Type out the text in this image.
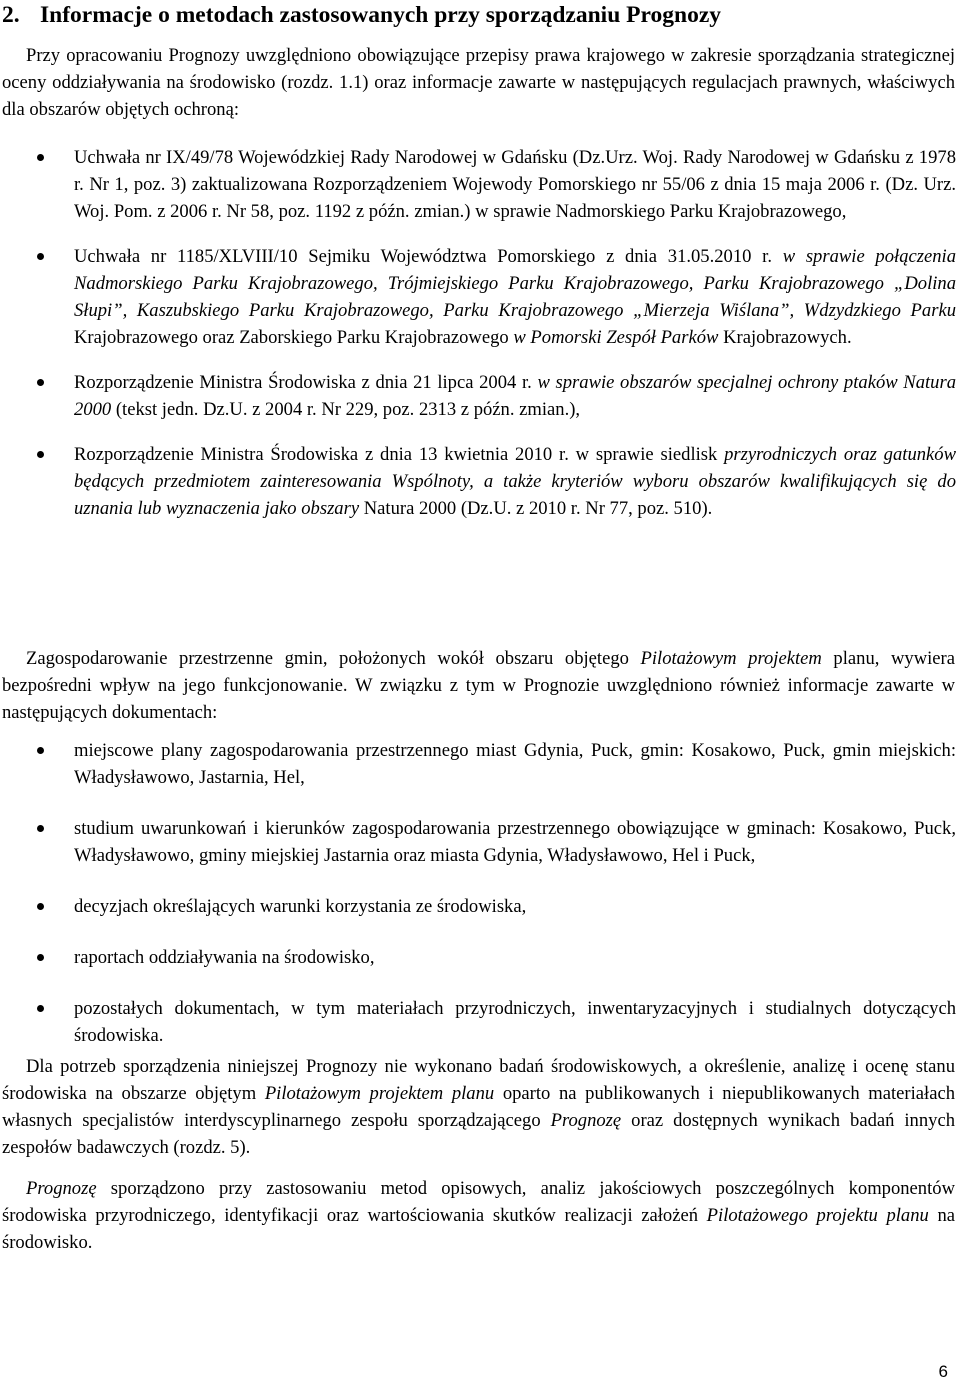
2. Informacje o metodach zastosowanych przy sporządzaniu Prognozy

Przy opracowaniu Prognozy uwzględniono obowiązujące przepisy prawa krajowego w zakresie sporządzania strategicznej oceny oddziaływania na środowisko (rozdz. 1.1) oraz informacje zawarte w następujących regulacjach prawnych, właściwych dla obszarów objętych ochroną:

Uchwała nr IX/49/78 Wojewódzkiej Rady Narodowej w Gdańsku (Dz.Urz. Woj. Rady Narodowej w Gdańsku z 1978 r. Nr 1, poz. 3) zaktualizowana Rozporządzeniem Wojewody Pomorskiego nr 55/06 z dnia 15 maja 2006 r. (Dz. Urz. Woj. Pom. z 2006 r. Nr 58, poz. 1192 z późn. zmian.) w sprawie Nadmorskiego Parku Krajobrazowego,
Uchwała nr 1185/XLVIII/10 Sejmiku Województwa Pomorskiego z dnia 31.05.2010 r. w sprawie połączenia Nadmorskiego Parku Krajobrazowego, Trójmiejskiego Parku Krajobrazowego, Parku Krajobrazowego „Dolina Słupi”, Kaszubskiego Parku Krajobrazowego, Parku Krajobrazowego „Mierzeja Wiślana”, Wdzydzkiego Parku Krajobrazowego oraz Zaborskiego Parku Krajobrazowego w Pomorski Zespół Parków Krajobrazowych.
Rozporządzenie Ministra Środowiska z dnia 21 lipca 2004 r. w sprawie obszarów specjalnej ochrony ptaków Natura 2000 (tekst jedn. Dz.U. z 2004 r. Nr 229, poz. 2313 z późn. zmian.),
Rozporządzenie Ministra Środowiska z dnia 13 kwietnia 2010 r. w sprawie siedlisk przyrodniczych oraz gatunków będących przedmiotem zainteresowania Wspólnoty, a także kryteriów wyboru obszarów kwalifikujących się do uznania lub wyznaczenia jako obszary Natura 2000 (Dz.U. z 2010 r. Nr 77, poz. 510).

Zagospodarowanie przestrzenne gmin, położonych wokół obszaru objętego Pilotażowym projektem planu, wywiera bezpośredni wpływ na jego funkcjonowanie. W związku z tym w Prognozie uwzględniono również informacje zawarte w następujących dokumentach:

miejscowe plany zagospodarowania przestrzennego miast Gdynia, Puck, gmin: Kosakowo, Puck, gmin miejskich: Władysławowo, Jastarnia, Hel,
studium uwarunkowań i kierunków zagospodarowania przestrzennego obowiązujące w gminach: Kosakowo, Puck, Władysławowo, gminy miejskiej Jastarnia oraz miasta Gdynia, Władysławowo, Hel i Puck,
decyzjach określających warunki korzystania ze środowiska,
raportach oddziaływania na środowisko,
pozostałych dokumentach, w tym materiałach przyrodniczych, inwentaryzacyjnych i studialnych dotyczących środowiska.

Dla potrzeb sporządzenia niniejszej Prognozy nie wykonano badań środowiskowych, a określenie, analizę i ocenę stanu środowiska na obszarze objętym Pilotażowym projektem planu oparto na publikowanych i niepublikowanych materiałach własnych specjalistów interdyscyplinarnego zespołu sporządzającego Prognozę oraz dostępnych wynikach badań innych zespołów badawczych (rozdz. 5).

Prognozę sporządzono przy zastosowaniu metod opisowych, analiz jakościowych poszczególnych komponentów środowiska przyrodniczego, identyfikacji oraz wartościowania skutków realizacji założeń Pilotażowego projektu planu na środowisko.

6
